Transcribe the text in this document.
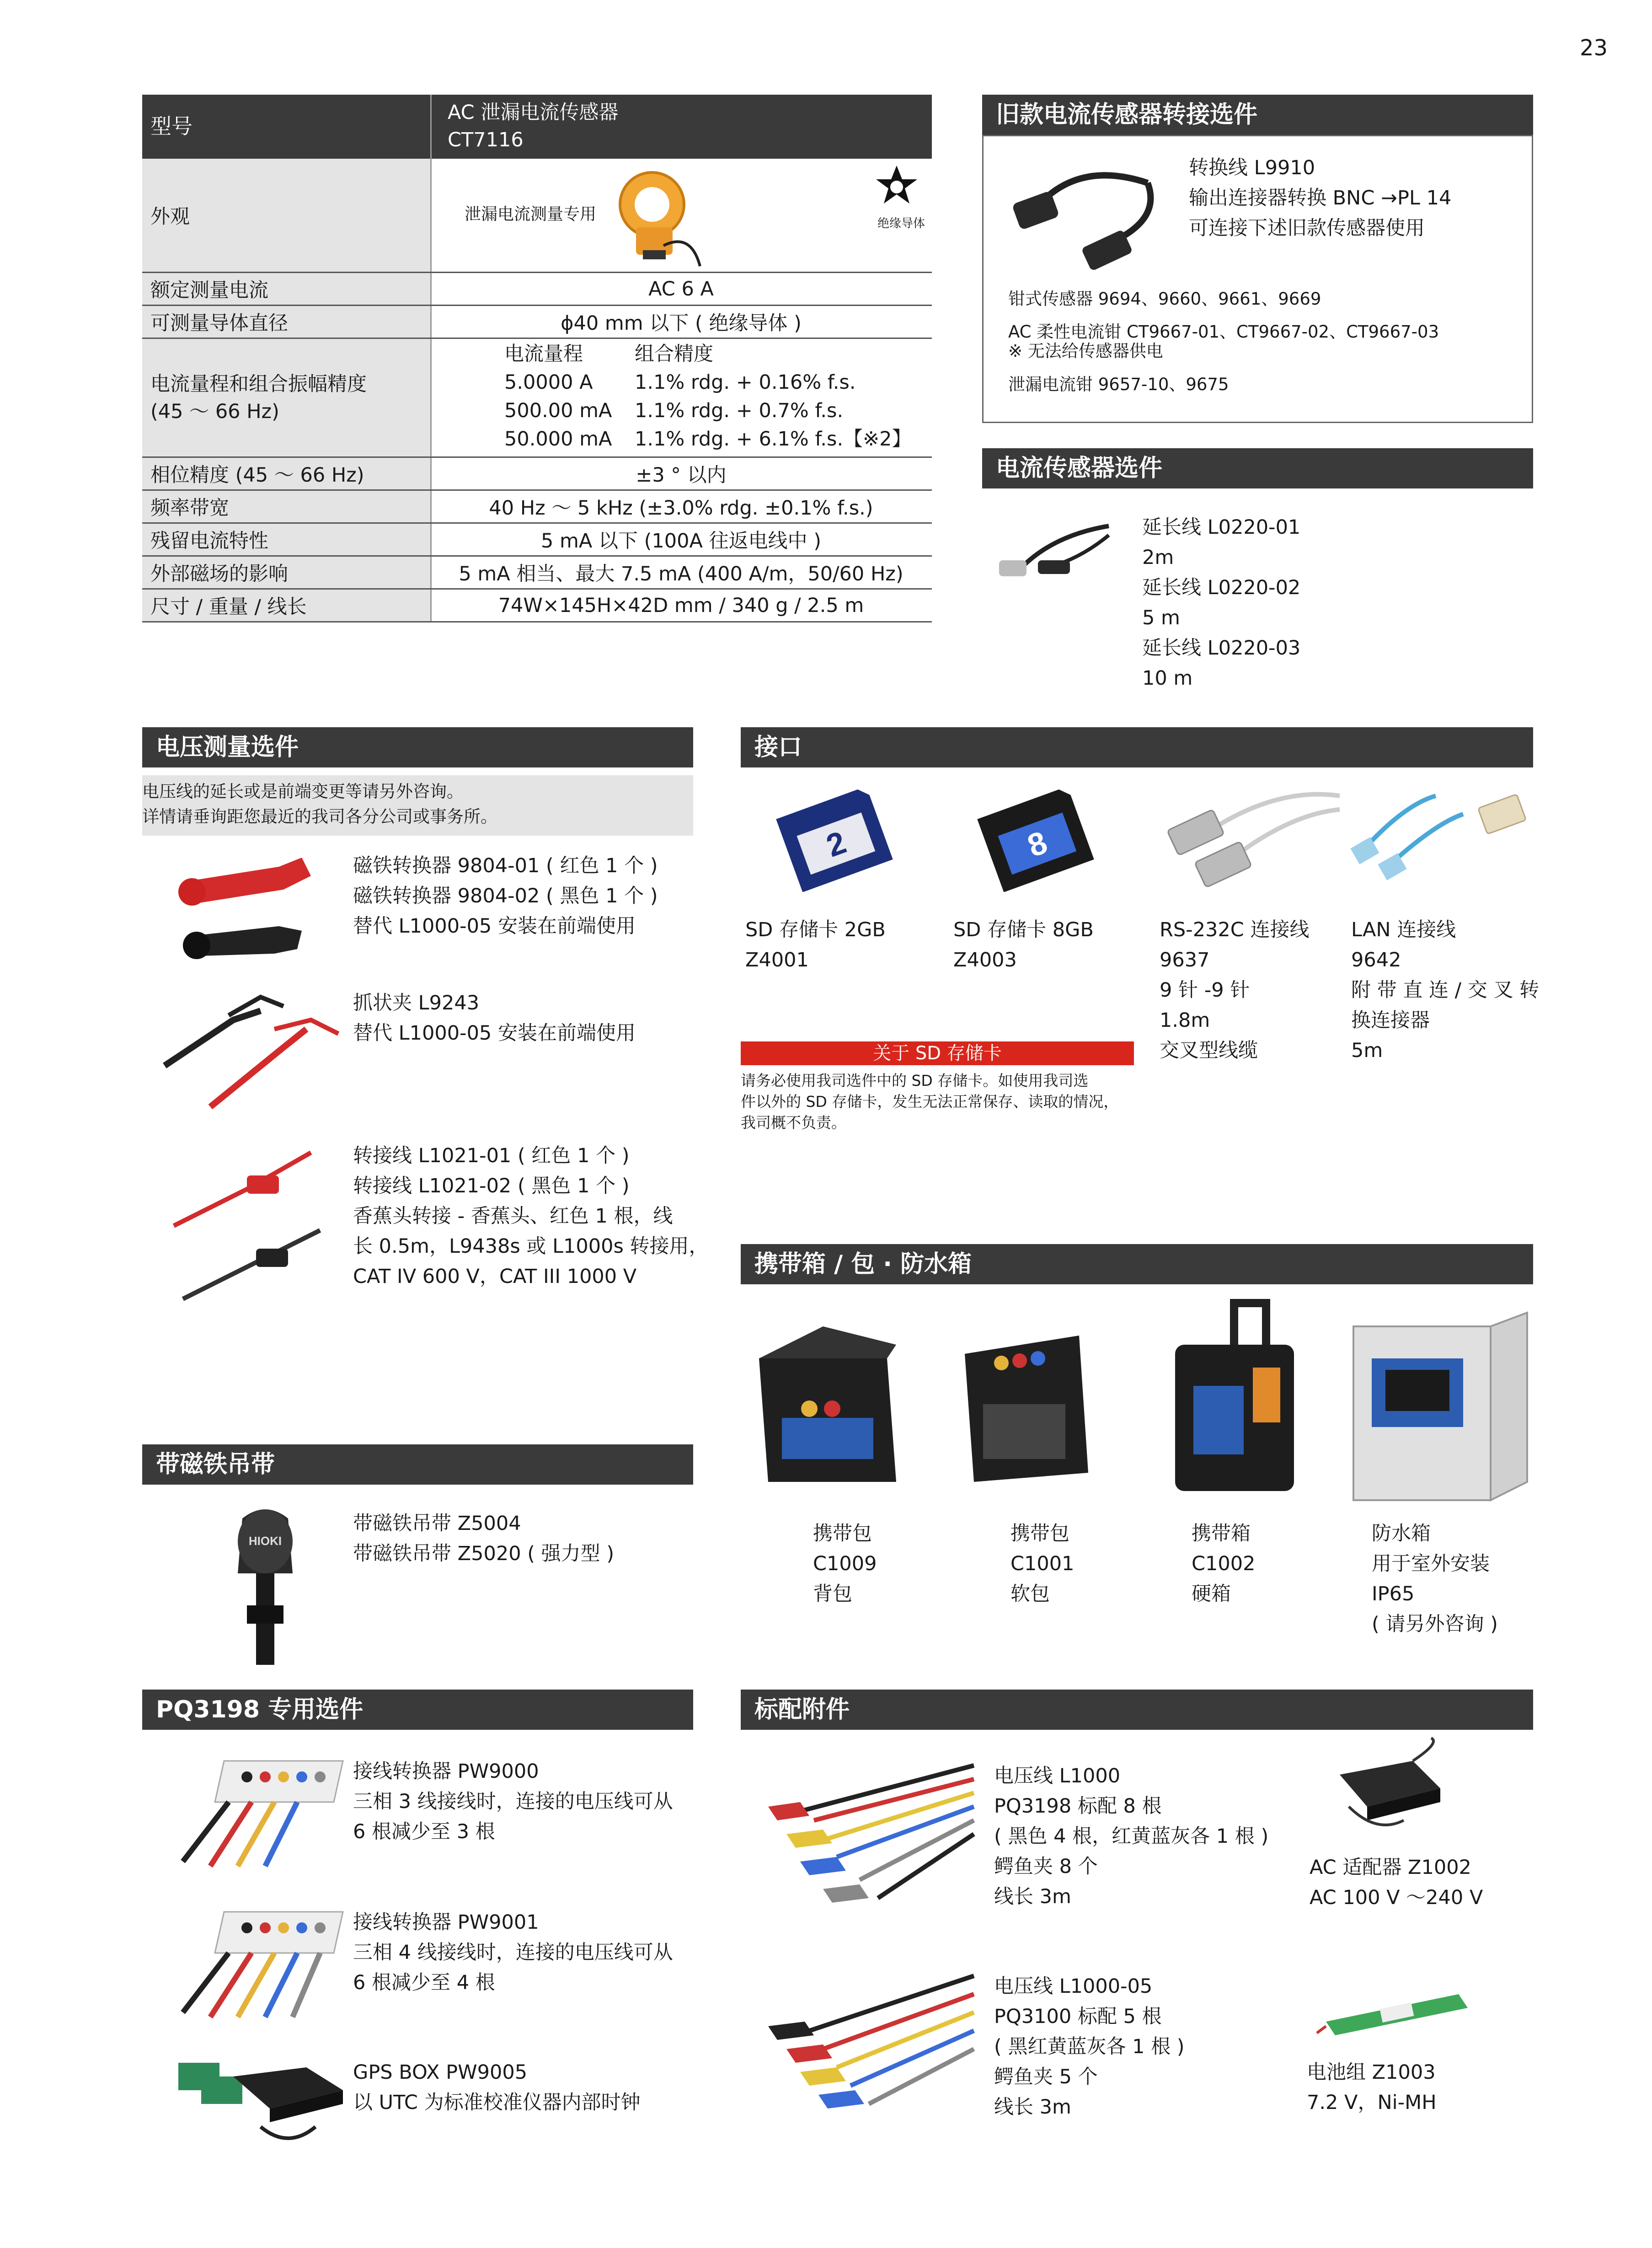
23
型号
AC 泄漏电流传感器
CT7116
外观	泄漏电流测量专用	绝缘导体
额定测量电流	AC 6 A
可测量导体直径	ϕ40 mm 以下 ( 绝缘导体 )
电流量程和组合振幅精度
(45 ～ 66 Hz)
电流量程	组合精度
5.0000 A 1.1% rdg. + 0.16% f.s.
500.00 mA 1.1% rdg. + 0.7% f.s.
50.000 mA 1.1% rdg. + 6.1% f.s.【※2】
相位精度 (45 ～ 66 Hz)	±3 ° 以内
频率带宽	40 Hz ～ 5 kHz (±3.0% rdg. ±0.1% f.s.)
残留电流特性	5 mA 以下 (100A 往返电线中 )
外部磁场的影响	5 mA 相当、最大 7.5 mA (400 A/m，50/60 Hz)
尺寸 / 重量 / 线长	74W×145H×42D mm / 340 g / 2.5 m
旧款电流传感器转接选件
转换线 L9910
输出连接器转换 BNC →PL 14
可连接下述旧款传感器使用
钳式传感器 9694、9660、9661、9669
AC 柔性电流钳 CT9667-01、CT9667-02、CT9667-03
※ 无法给传感器供电
泄漏电流钳 9657-10、9675
电流传感器选件
延长线 L0220-01
2m
延长线 L0220-02
5 m
延长线 L0220-03
10 m
电压测量选件
电压线的延长或是前端变更等请另外咨询。
详情请垂询距您最近的我司各分公司或事务所。
磁铁转换器 9804-01 ( 红色 1 个 )
磁铁转换器 9804-02 ( 黑色 1 个 )
替代 L1000-05 安装在前端使用
抓状夹 L9243
替代 L1000-05 安装在前端使用
转接线 L1021-01 ( 红色 1 个 )
转接线 L1021-02 ( 黑色 1 个 )
香蕉头转接 - 香蕉头、红色 1 根，线
长 0.5m，L9438s 或 L1000s 转接用，
CAT IV 600 V，CAT III 1000 V
接口
2
SD 存储卡 2GB
Z4001
8
SD 存储卡 8GB
Z4003
RS-232C 连接线
9637
9 针 -9 针
1.8m
交叉型线缆
LAN 连接线
9642
附 带 直 连 / 交 叉 转
换连接器
5m
关于 SD 存储卡
请务必使用我司选件中的 SD 存储卡。如使用我司选
件以外的 SD 存储卡，发生无法正常保存、读取的情况，
我司概不负责。
携带箱 / 包 · 防水箱
携带包
C1009
背包
携带包
C1001
软包
携带箱
C1002
硬箱
防水箱
用于室外安装
IP65
( 请另外咨询 )
带磁铁吊带
HIOKI
带磁铁吊带 Z5004
带磁铁吊带 Z5020 ( 强力型 )
PQ3198 专用选件
接线转换器 PW9000
三相 3 线接线时，连接的电压线可从
6 根减少至 3 根
接线转换器 PW9001
三相 4 线接线时，连接的电压线可从
6 根减少至 4 根
GPS BOX PW9005
以 UTC 为标准校准仪器内部时钟
标配附件
电压线 L1000
PQ3198 标配 8 根
( 黑色 4 根，红黄蓝灰各 1 根 )
鳄鱼夹 8 个
线长 3m
AC 适配器 Z1002
AC 100 V ～240 V
电压线 L1000-05
PQ3100 标配 5 根
( 黑红黄蓝灰各 1 根 )
鳄鱼夹 5 个
线长 3m
电池组 Z1003
7.2 V，Ni-MH
